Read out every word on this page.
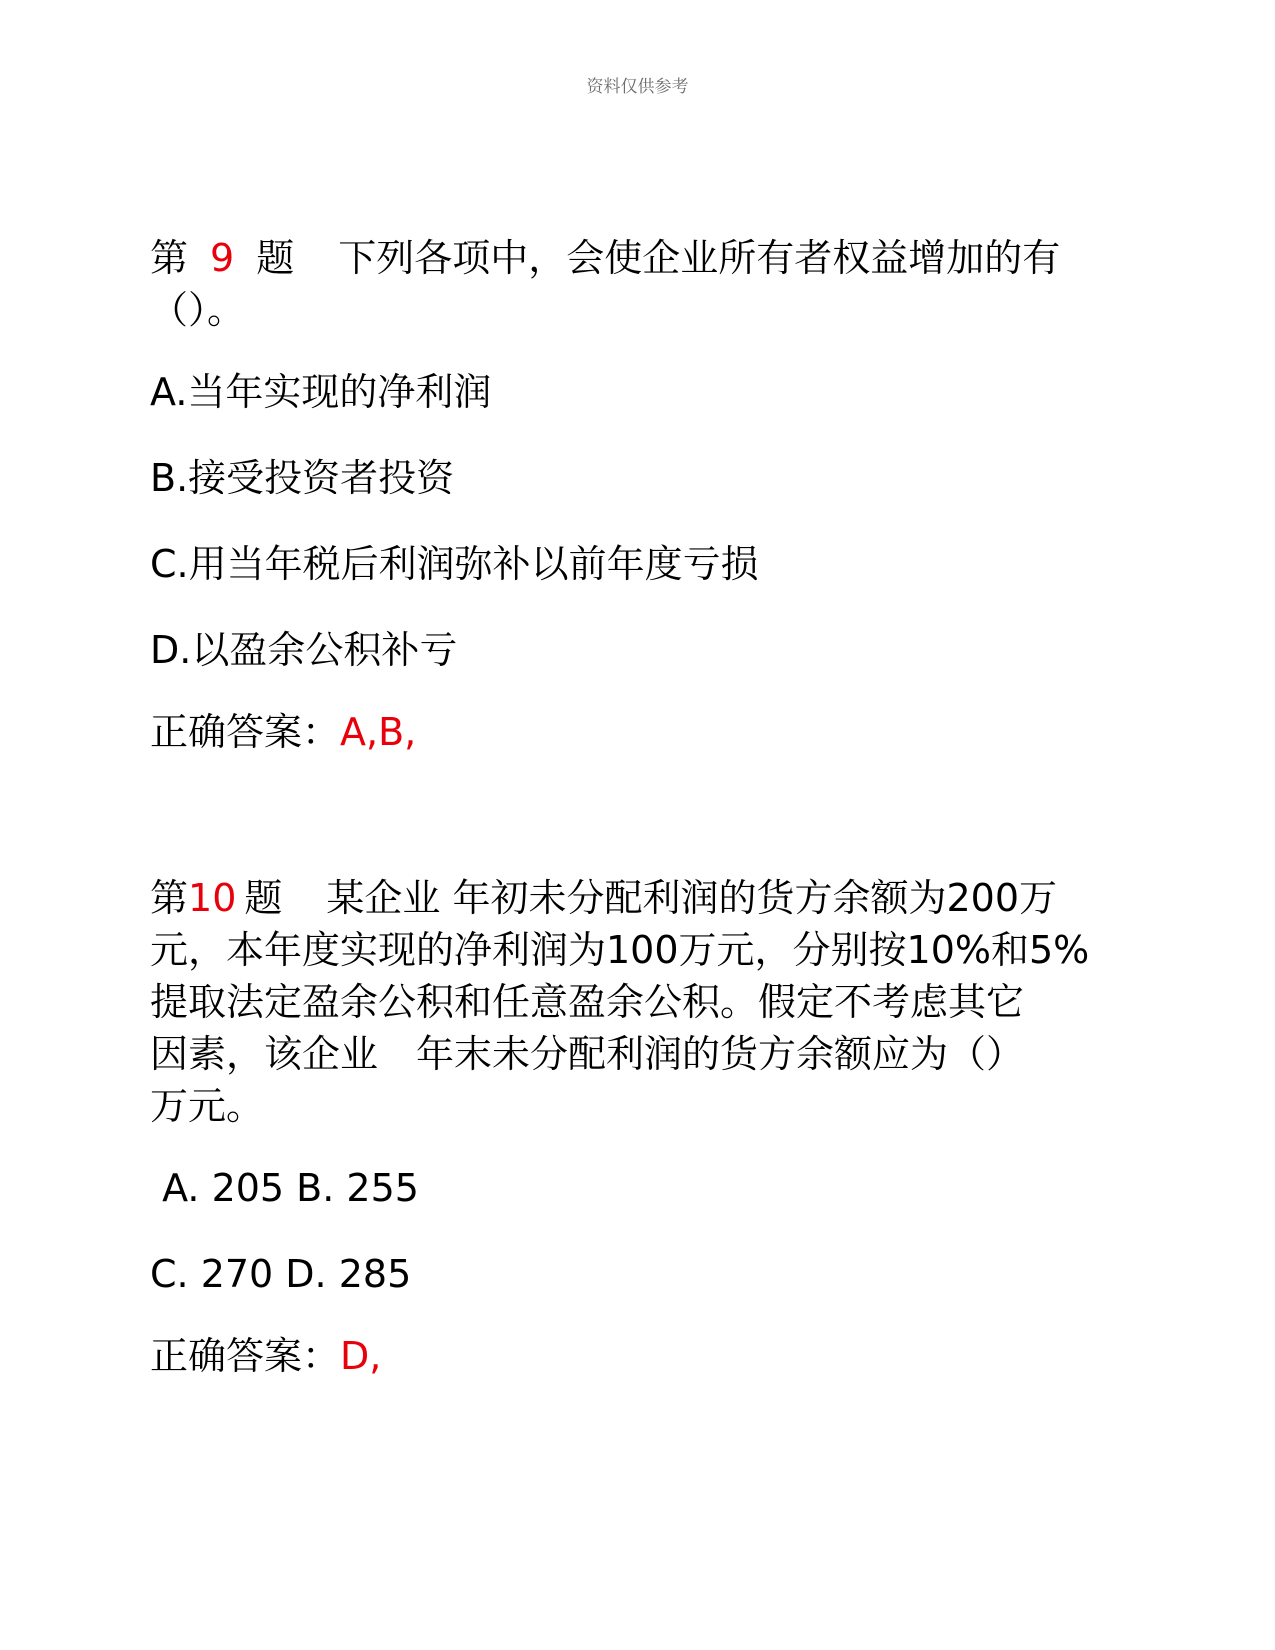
资料仅供参考

第 9 题 下列各项中，会使企业所有者权益增加的有

（）。

A.当年实现的净利润

B.接受投资者投资

C.用当年税后利润弥补以前年度亏损

D.以盈余公积补亏

正确答案：A,B,

第10 题 某企业 年初未分配利润的货方余额为200万

元，本年度实现的净利润为100万元，分别按10%和5%

提取法定盈余公积和任意盈余公积。假定不考虑其它

因素，该企业　年末未分配利润的货方余额应为（）

万元。

A. 205 B. 255

C. 270 D. 285

正确答案：D,
